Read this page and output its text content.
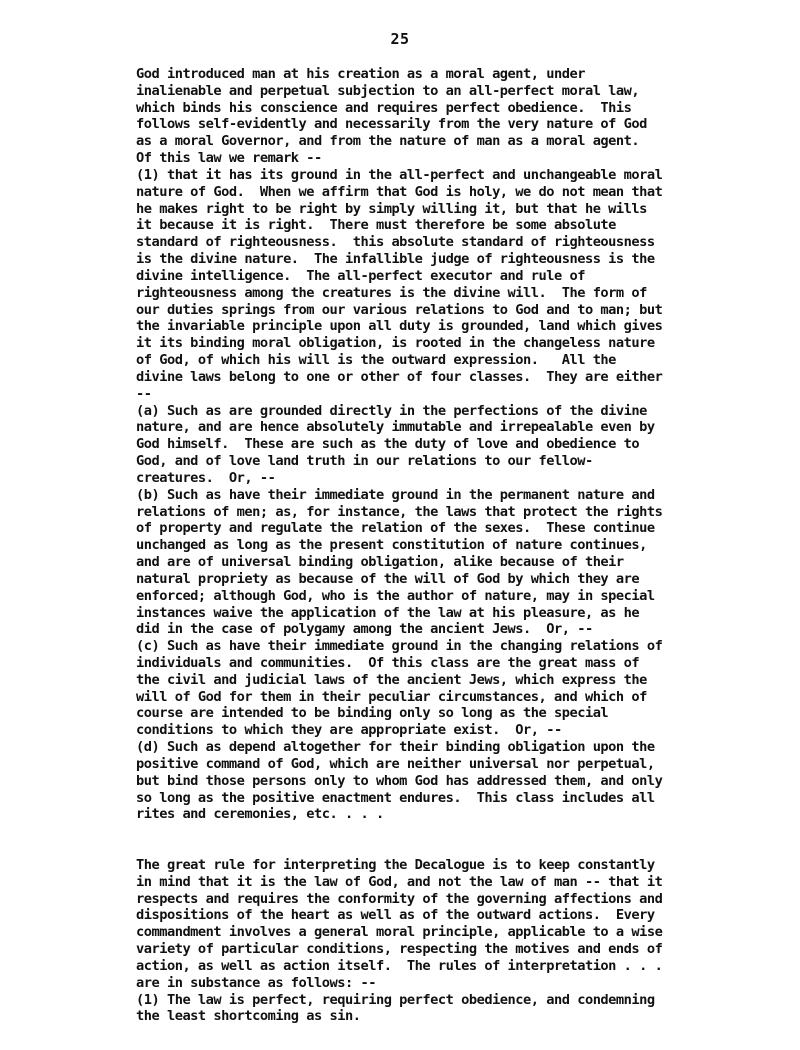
25
God introduced man at his creation as a moral agent, under
inalienable and perpetual subjection to an all-perfect moral law,
which binds his conscience and requires perfect obedience.  This
follows self-evidently and necessarily from the very nature of God
as a moral Governor, and from the nature of man as a moral agent.
Of this law we remark --
(1) that it has its ground in the all-perfect and unchangeable moral
nature of God.  When we affirm that God is holy, we do not mean that
he makes right to be right by simply willing it, but that he wills
it because it is right.  There must therefore be some absolute
standard of righteousness.  this absolute standard of righteousness
is the divine nature.  The infallible judge of righteousness is the
divine intelligence.  The all-perfect executor and rule of
righteousness among the creatures is the divine will.  The form of
our duties springs from our various relations to God and to man; but
the invariable principle upon all duty is grounded, land which gives
it its binding moral obligation, is rooted in the changeless nature
of God, of which his will is the outward expression.   All the
divine laws belong to one or other of four classes.  They are either
--
(a) Such as are grounded directly in the perfections of the divine
nature, and are hence absolutely immutable and irrepealable even by
God himself.  These are such as the duty of love and obedience to
God, and of love land truth in our relations to our fellow-
creatures.  Or, --
(b) Such as have their immediate ground in the permanent nature and
relations of men; as, for instance, the laws that protect the rights
of property and regulate the relation of the sexes.  These continue
unchanged as long as the present constitution of nature continues,
and are of universal binding obligation, alike because of their
natural propriety as because of the will of God by which they are
enforced; although God, who is the author of nature, may in special
instances waive the application of the law at his pleasure, as he
did in the case of polygamy among the ancient Jews.  Or, --
(c) Such as have their immediate ground in the changing relations of
individuals and communities.  Of this class are the great mass of
the civil and judicial laws of the ancient Jews, which express the
will of God for them in their peculiar circumstances, and which of
course are intended to be binding only so long as the special
conditions to which they are appropriate exist.  Or, --
(d) Such as depend altogether for their binding obligation upon the
positive command of God, which are neither universal nor perpetual,
but bind those persons only to whom God has addressed them, and only
so long as the positive enactment endures.  This class includes all
rites and ceremonies, etc. . . .
The great rule for interpreting the Decalogue is to keep constantly
in mind that it is the law of God, and not the law of man -- that it
respects and requires the conformity of the governing affections and
dispositions of the heart as well as of the outward actions.  Every
commandment involves a general moral principle, applicable to a wise
variety of particular conditions, respecting the motives and ends of
action, as well as action itself.  The rules of interpretation . . .
are in substance as follows: --
(1) The law is perfect, requiring perfect obedience, and condemning
the least shortcoming as sin.
